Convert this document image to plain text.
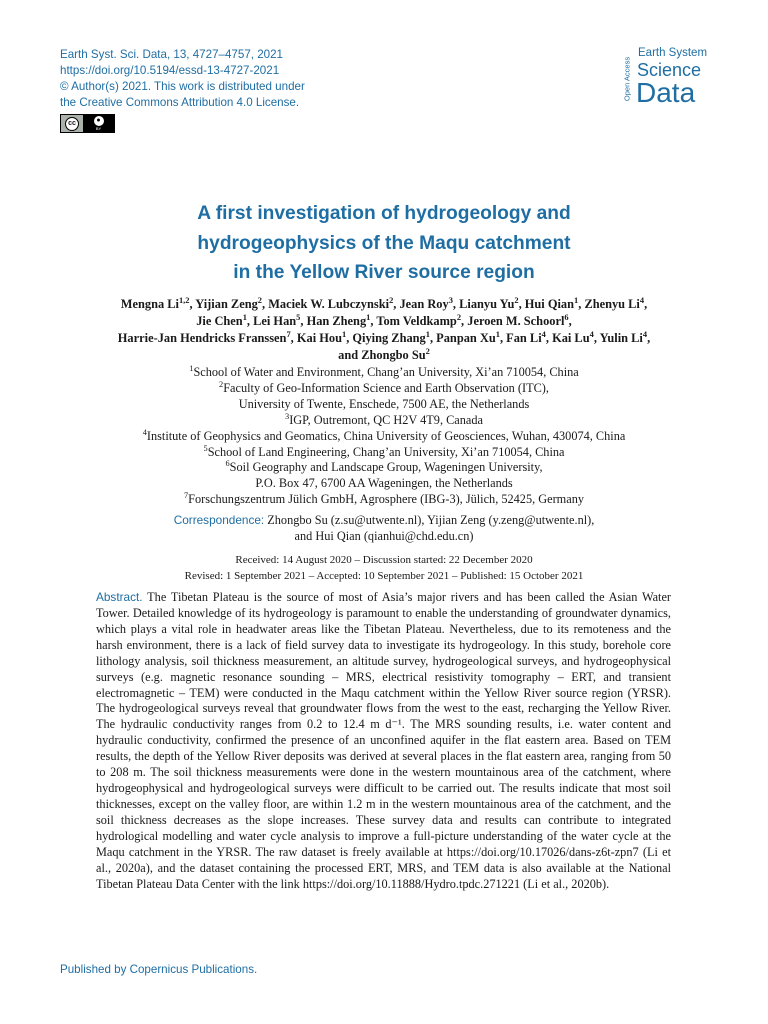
Earth Syst. Sci. Data, 13, 4727–4757, 2021
https://doi.org/10.5194/essd-13-4727-2021
© Author(s) 2021. This work is distributed under
the Creative Commons Attribution 4.0 License.
cc	●
BY
Open Access
Earth System
Science
Data
A first investigation of hydrogeology and
hydrogeophysics of the Maqu catchment
in the Yellow River source region
Mengna Li$^{1,2}$, Yijian Zeng$^2$, Maciek W. Lubczynski$^2$, Jean Roy$^3$, Lianyu Yu$^2$, Hui Qian$^1$, Zhenyu Li$^4$,
Jie Chen$^1$, Lei Han$^5$, Han Zheng$^1$, Tom Veldkamp$^2$, Jeroen M. Schoorl$^6$,
Harrie-Jan Hendricks Franssen$^7$, Kai Hou$^1$, Qiying Zhang$^1$, Panpan Xu$^1$, Fan Li$^4$, Kai Lu$^4$, Yulin Li$^4$,
and Zhongbo Su$^2$
$^1$School of Water and Environment, Chang’an University, Xi’an 710054, China
$^2$Faculty of Geo-Information Science and Earth Observation (ITC),
University of Twente, Enschede, 7500 AE, the Netherlands
$^3$IGP, Outremont, QC H2V 4T9, Canada
$^4$Institute of Geophysics and Geomatics, China University of Geosciences, Wuhan, 430074, China
$^5$School of Land Engineering, Chang’an University, Xi’an 710054, China
$^6$Soil Geography and Landscape Group, Wageningen University,
P.O. Box 47, 6700 AA Wageningen, the Netherlands
$^7$Forschungszentrum Jülich GmbH, Agrosphere (IBG-3), Jülich, 52425, Germany
Correspondence: Zhongbo Su (z.su@utwente.nl), Yijian Zeng (y.zeng@utwente.nl),
and Hui Qian (qianhui@chd.edu.cn)
Received: 14 August 2020 – Discussion started: 22 December 2020
Revised: 1 September 2021 – Accepted: 10 September 2021 – Published: 15 October 2021
Abstract. The Tibetan Plateau is the source of most of Asia’s major rivers and has been called the Asian Water Tower. Detailed knowledge of its hydrogeology is paramount to enable the understanding of groundwater dynamics, which plays a vital role in headwater areas like the Tibetan Plateau. Nevertheless, due to its remoteness and the harsh environment, there is a lack of field survey data to investigate its hydrogeology. In this study, borehole core lithology analysis, soil thickness measurement, an altitude survey, hydrogeological surveys, and hydrogeophysical surveys (e.g. magnetic resonance sounding – MRS, electrical resistivity tomography – ERT, and transient electromagnetic – TEM) were conducted in the Maqu catchment within the Yellow River source region (YRSR). The hydrogeological surveys reveal that groundwater flows from the west to the east, recharging the Yellow River. The hydraulic conductivity ranges from 0.2 to 12.4 m d⁻¹. The MRS sounding results, i.e. water content and hydraulic conductivity, confirmed the presence of an unconfined aquifer in the flat eastern area. Based on TEM results, the depth of the Yellow River deposits was derived at several places in the flat eastern area, ranging from 50 to 208 m. The soil thickness measurements were done in the western mountainous area of the catchment, where hydrogeophysical and hydrogeological surveys were difficult to be carried out. The results indicate that most soil thicknesses, except on the valley floor, are within 1.2 m in the western mountainous area of the catchment, and the soil thickness decreases as the slope increases. These survey data and results can contribute to integrated hydrological modelling and water cycle analysis to improve a full-picture understanding of the water cycle at the Maqu catchment in the YRSR. The raw dataset is freely available at https://doi.org/10.17026/dans-z6t-zpn7 (Li et al., 2020a), and the dataset containing the processed ERT, MRS, and TEM data is also available at the National Tibetan Plateau Data Center with the link https://doi.org/10.11888/Hydro.tpdc.271221 (Li et al., 2020b).
Published by Copernicus Publications.
